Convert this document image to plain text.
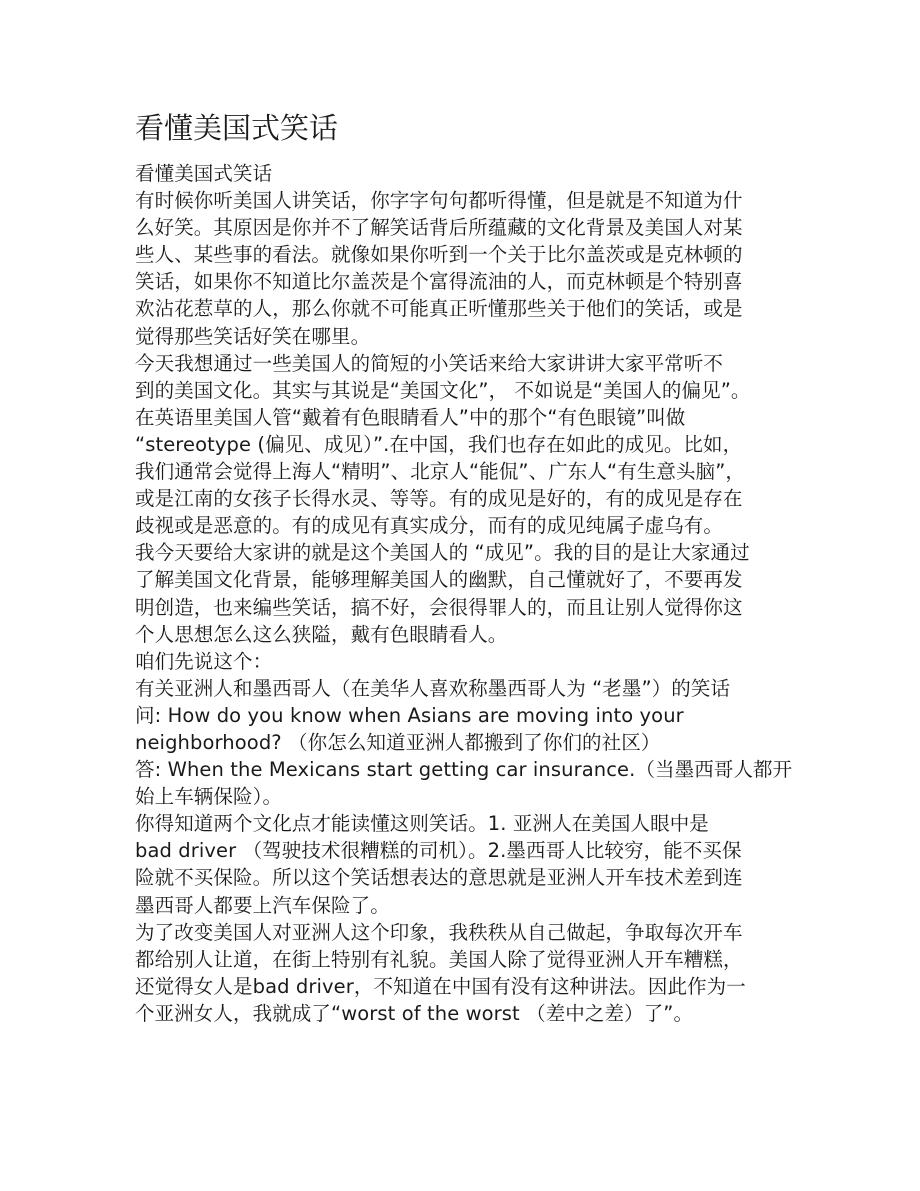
看懂美国式笑话
看懂美国式笑话
有时候你听美国人讲笑话，你字字句句都听得懂，但是就是不知道为什
么好笑。其原因是你并不了解笑话背后所蕴藏的文化背景及美国人对某
些人、某些事的看法。就像如果你听到一个关于比尔盖茨或是克林顿的
笑话，如果你不知道比尔盖茨是个富得流油的人，而克林顿是个特别喜
欢沾花惹草的人，那么你就不可能真正听懂那些关于他们的笑话，或是
觉得那些笑话好笑在哪里。
今天我想通过一些美国人的简短的小笑话来给大家讲讲大家平常听不
到的美国文化。其实与其说是“美国文化”， 不如说是“美国人的偏见”。
在英语里美国人管“戴着有色眼睛看人”中的那个“有色眼镜”叫做
“stereotype (偏见、成见）”.在中国，我们也存在如此的成见。比如，
我们通常会觉得上海人“精明”、北京人“能侃”、广东人“有生意头脑”，
或是江南的女孩子长得水灵、等等。有的成见是好的，有的成见是存在
歧视或是恶意的。有的成见有真实成分，而有的成见纯属子虚乌有。
我今天要给大家讲的就是这个美国人的 “成见”。我的目的是让大家通过
了解美国文化背景，能够理解美国人的幽默，自己懂就好了，不要再发
明创造，也来编些笑话，搞不好，会很得罪人的，而且让别人觉得你这
个人思想怎么这么狭隘，戴有色眼睛看人。
咱们先说这个：
有关亚洲人和墨西哥人（在美华人喜欢称墨西哥人为 “老墨”）的笑话
问: How do you know when Asians are moving into your
neighborhood? （你怎么知道亚洲人都搬到了你们的社区）
答: When the Mexicans start getting car insurance.（当墨西哥人都开
始上车辆保险）。
你得知道两个文化点才能读懂这则笑话。1. 亚洲人在美国人眼中是
bad driver （驾驶技术很糟糕的司机）。2.墨西哥人比较穷，能不买保
险就不买保险。所以这个笑话想表达的意思就是亚洲人开车技术差到连
墨西哥人都要上汽车保险了。
为了改变美国人对亚洲人这个印象，我秩秩从自己做起，争取每次开车
都给别人让道，在街上特别有礼貌。美国人除了觉得亚洲人开车糟糕，
还觉得女人是bad driver，不知道在中国有没有这种讲法。因此作为一
个亚洲女人，我就成了“worst of the worst （差中之差）了”。
